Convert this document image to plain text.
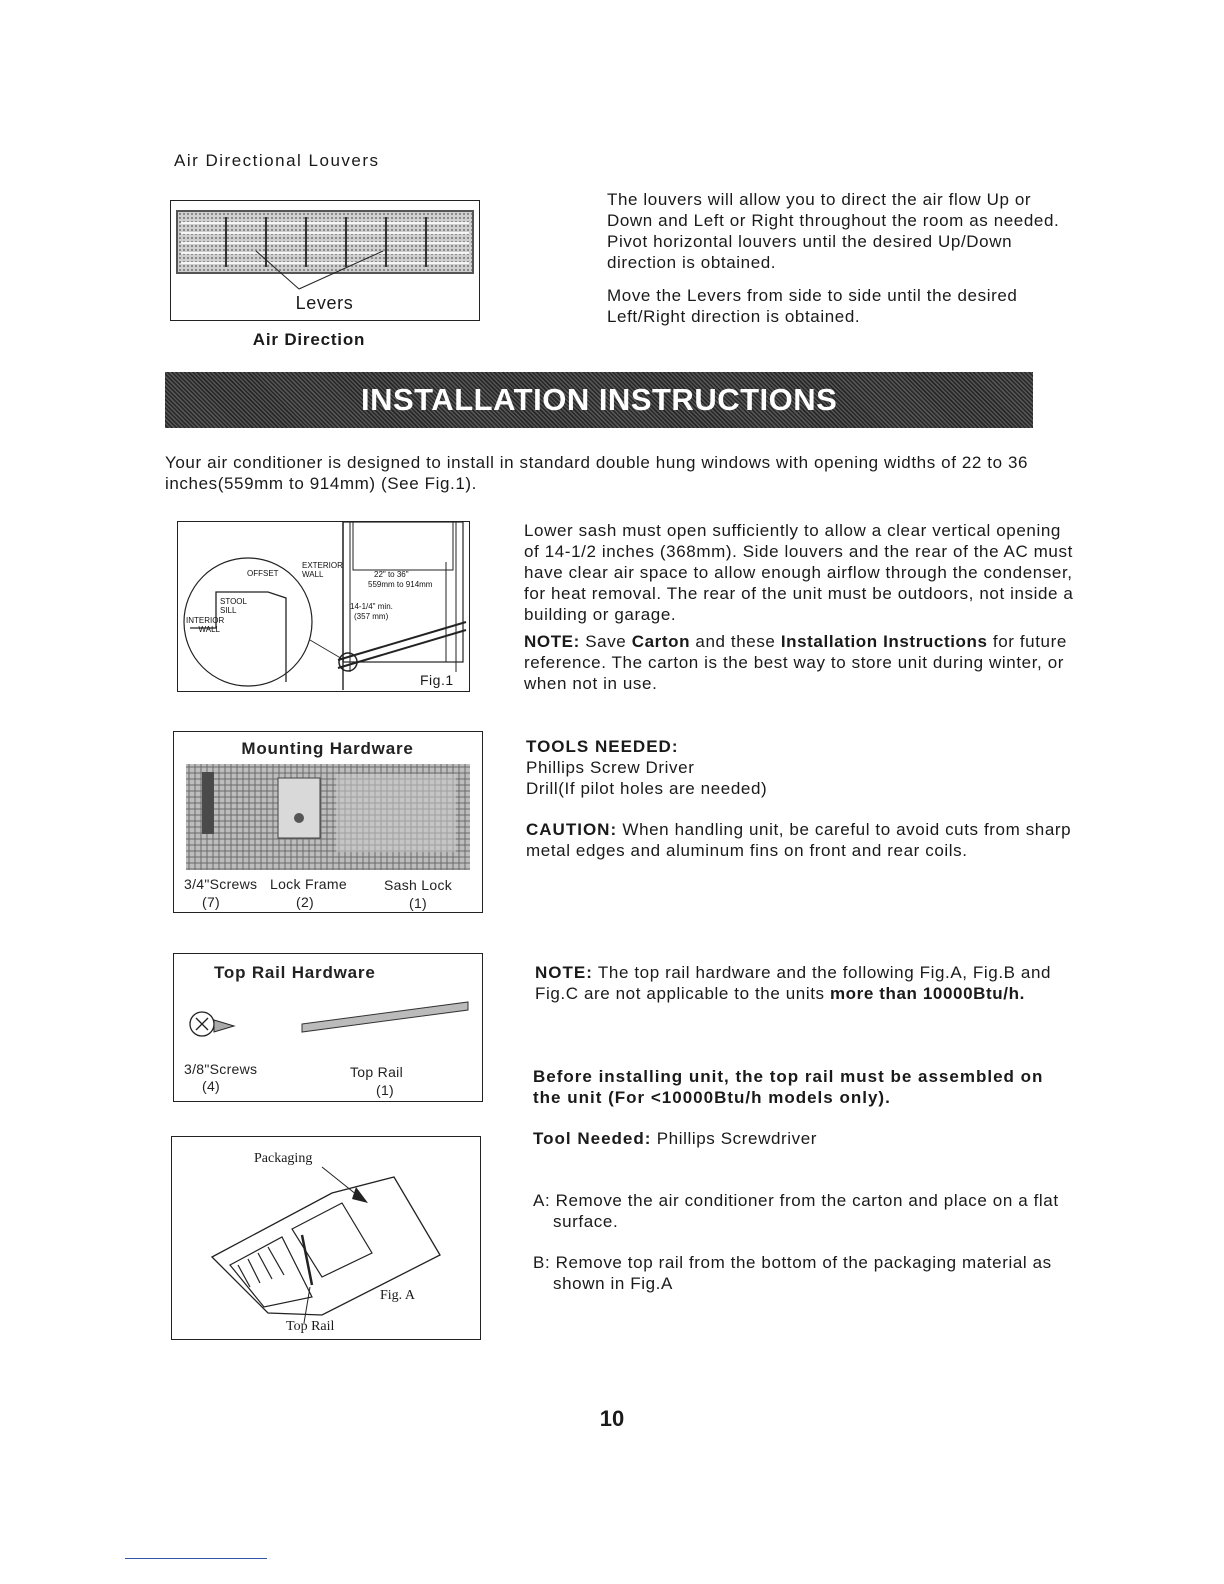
Air Directional Louvers
Levers
Air Direction

The louvers will allow you to direct the air flow Up or Down and Left or Right throughout the room as needed. Pivot horizontal louvers until the desired Up/Down direction is obtained.

Move the Levers from side to side until the desired Left/Right direction is obtained.

INSTALLATION INSTRUCTIONS
Your air conditioner is designed to install in standard double hung windows with opening widths of 22 to 36 inches(559mm to 914mm) (See Fig.1).
OFFSET
STOOL SILL
EXTERIOR WALL
INTERIOR WALL
22" to 36"
559mm to 914mm
14-1/4" min.
(357 mm)
Fig.1

Lower sash must open sufficiently to allow a clear vertical opening of 14-1/2 inches (368mm). Side louvers and the rear of the AC must have clear air space to allow enough airflow through the condenser, for heat removal. The rear of the unit must be outdoors, not inside a building or garage.

NOTE: Save Carton and these Installation Instructions for future reference. The carton is the best way to store unit during winter, or when not in use.

Mounting Hardware
3/4"Screws
(7)
Lock Frame
(2)
Sash Lock
(1)

TOOLS NEEDED:

Phillips Screw Driver

Drill(If pilot holes are needed)

CAUTION: When handling unit, be careful to avoid cuts from sharp metal edges and aluminum fins on front and rear coils.

Top Rail Hardware
3/8"Screws
(4)
Top Rail
(1)
NOTE: The top rail hardware and the following Fig.A, Fig.B and Fig.C are not applicable to the units more than 10000Btu/h.
Before installing unit, the top rail must be assembled on the unit (For <10000Btu/h models only).
Tool Needed: Phillips Screwdriver
Packaging
Fig. A
Top Rail

A: Remove the air conditioner from the carton and place on a flat surface.

B: Remove top rail from the bottom of the packaging material as shown in Fig.A

10
